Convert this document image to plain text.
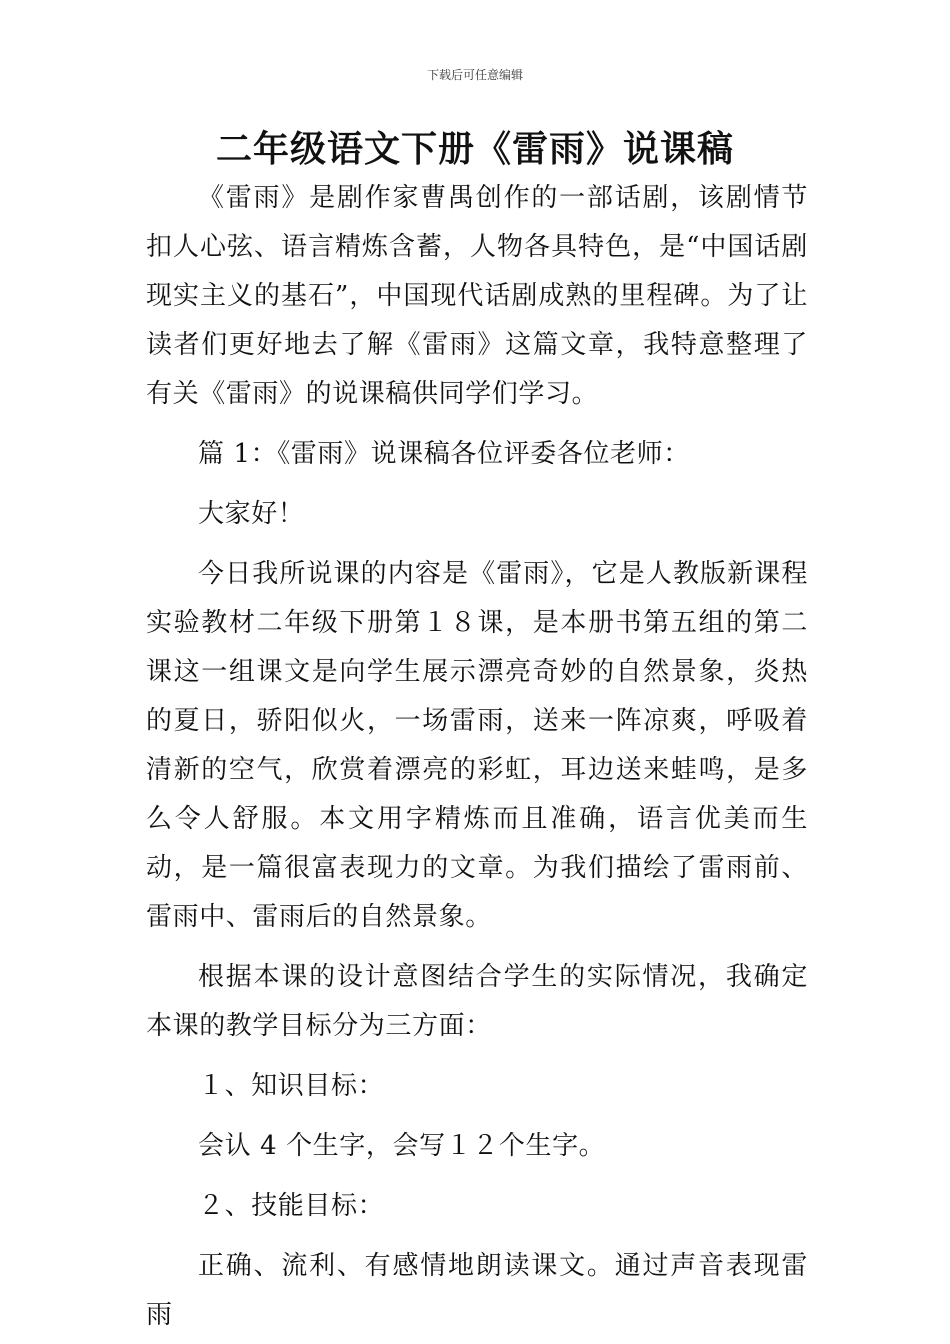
下载后可任意编辑
二年级语文下册《雷雨》说课稿

《雷雨》是剧作家曹禺创作的一部话剧，该剧情节扣人心弦、语言精炼含蓄，人物各具特色，是“中国话剧现实主义的基石”，中国现代话剧成熟的里程碑。为了让读者们更好地去了解《雷雨》这篇文章，我特意整理了有关《雷雨》的说课稿供同学们学习。

篇 1：《雷雨》说课稿各位评委各位老师：

大家好！

今日我所说课的内容是《雷雨》，它是人教版新课程实验教材二年级下册第１８课，是本册书第五组的第二课这一组课文是向学生展示漂亮奇妙的自然景象，炎热的夏日，骄阳似火，一场雷雨，送来一阵凉爽，呼吸着清新的空气，欣赏着漂亮的彩虹，耳边送来蛙鸣，是多么令人舒服。本文用字精炼而且准确，语言优美而生动，是一篇很富表现力的文章。为我们描绘了雷雨前、雷雨中、雷雨后的自然景象。

根据本课的设计意图结合学生的实际情况，我确定本课的教学目标分为三方面：

１、知识目标：

会认 4 个生字，会写１２个生字。

２、技能目标：

正确、流利、有感情地朗读课文。通过声音表现雷 雨
